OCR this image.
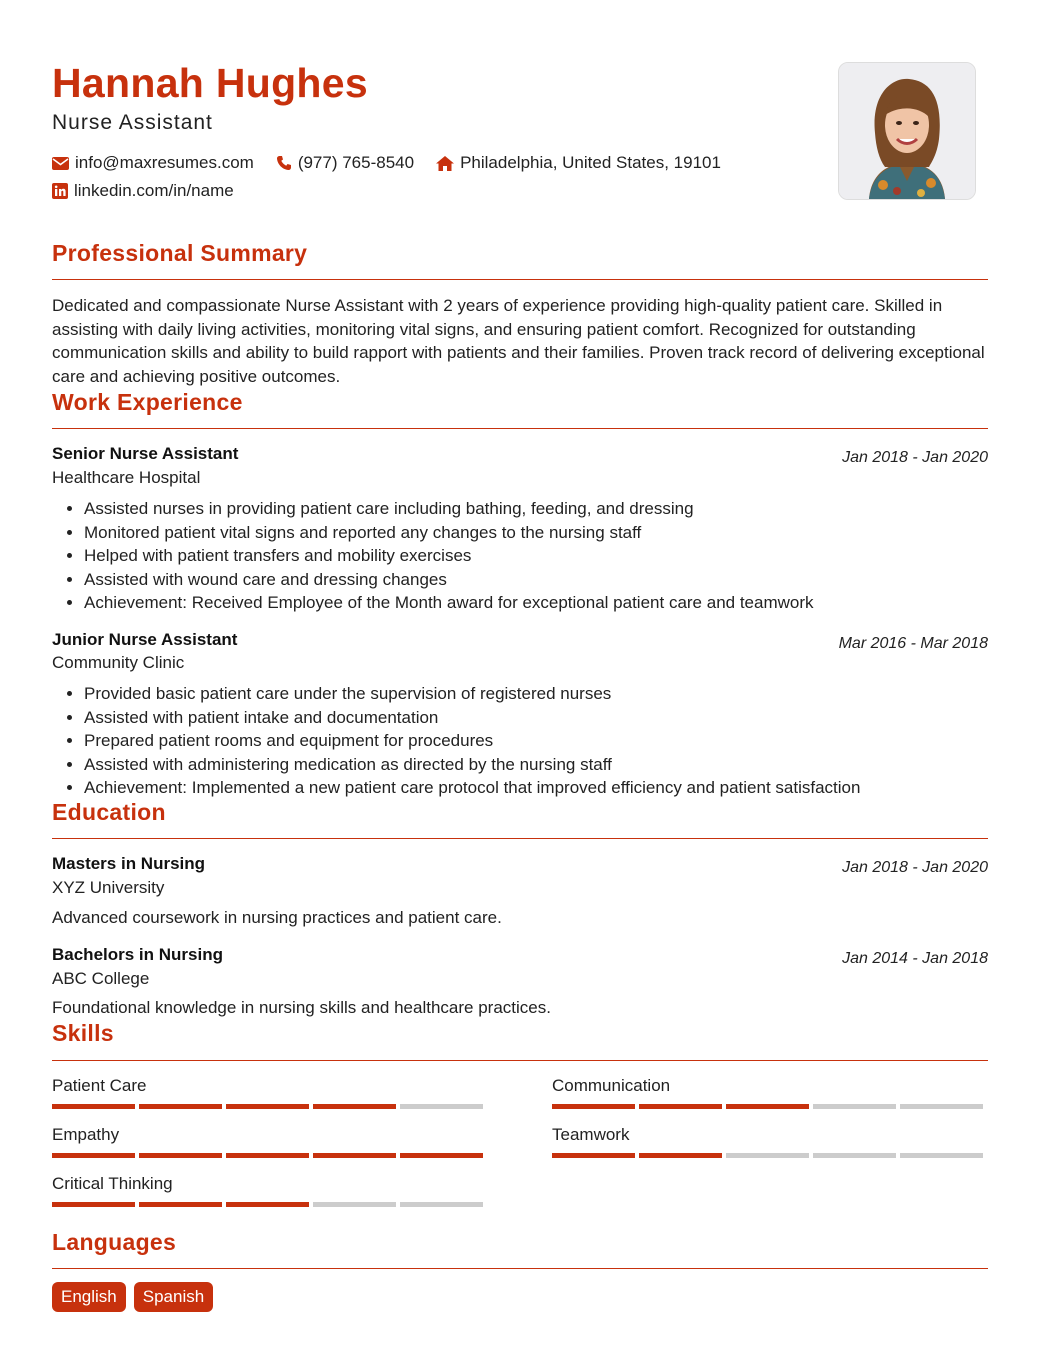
Hannah Hughes
Nurse Assistant
info@maxresumes.com	(977) 765-8540	Philadelphia, United States, 19101
linkedin.com/in/name
Professional Summary
Dedicated and compassionate Nurse Assistant with 2 years of experience providing high-quality patient care. Skilled in assisting with daily living activities, monitoring vital signs, and ensuring patient comfort. Recognized for outstanding communication skills and ability to build rapport with patients and their families. Proven track record of delivering exceptional care and achieving positive outcomes.
Work Experience
Senior Nurse Assistant	Jan 2018 - Jan 2020
Healthcare Hospital
• Assisted nurses in providing patient care including bathing, feeding, and dressing
• Monitored patient vital signs and reported any changes to the nursing staff
• Helped with patient transfers and mobility exercises
• Assisted with wound care and dressing changes
• Achievement: Received Employee of the Month award for exceptional patient care and teamwork
Junior Nurse Assistant	Mar 2016 - Mar 2018
Community Clinic
• Provided basic patient care under the supervision of registered nurses
• Assisted with patient intake and documentation
• Prepared patient rooms and equipment for procedures
• Assisted with administering medication as directed by the nursing staff
• Achievement: Implemented a new patient care protocol that improved efficiency and patient satisfaction
Education
Masters in Nursing	Jan 2018 - Jan 2020
XYZ University
Advanced coursework in nursing practices and patient care.
Bachelors in Nursing	Jan 2014 - Jan 2018
ABC College
Foundational knowledge in nursing skills and healthcare practices.
Skills
Patient Care	Communication
Empathy	Teamwork
Critical Thinking
Languages
English	Spanish
